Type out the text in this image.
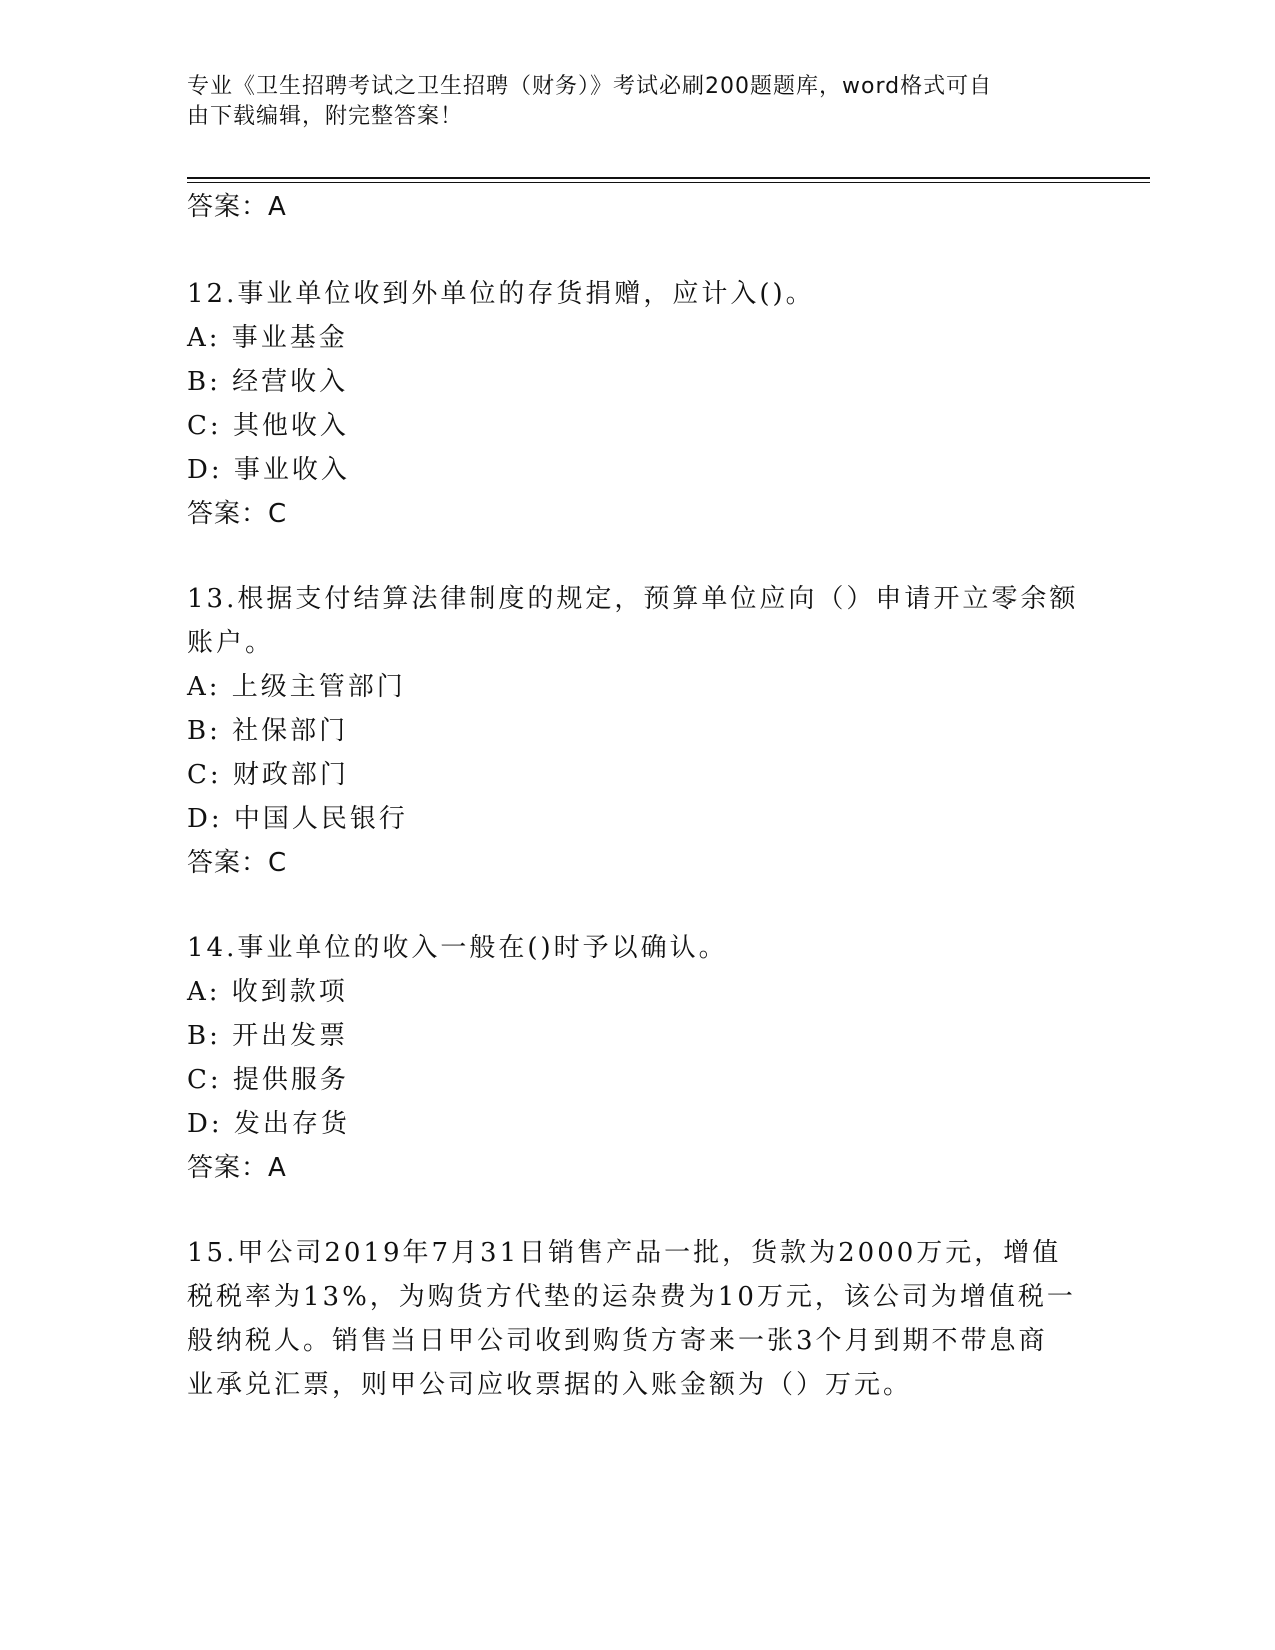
专业《卫生招聘考试之卫生招聘（财务）》考试必刷200题题库，word格式可自
由下载编辑，附完整答案！
答案：A
12.事业单位收到外单位的存货捐赠，应计入()。
A: 事业基金
B: 经营收入
C: 其他收入
D: 事业收入
答案：C
13.根据支付结算法律制度的规定，预算单位应向（）申请开立零余额
账户。
A: 上级主管部门
B: 社保部门
C: 财政部门
D: 中国人民银行
答案：C
14.事业单位的收入一般在()时予以确认。
A: 收到款项
B: 开出发票
C: 提供服务
D: 发出存货
答案：A
15.甲公司2019年7月31日销售产品一批，货款为2000万元，增值
税税率为13%，为购货方代垫的运杂费为10万元，该公司为增值税一
般纳税人。销售当日甲公司收到购货方寄来一张3个月到期不带息商
业承兑汇票，则甲公司应收票据的入账金额为（）万元。
